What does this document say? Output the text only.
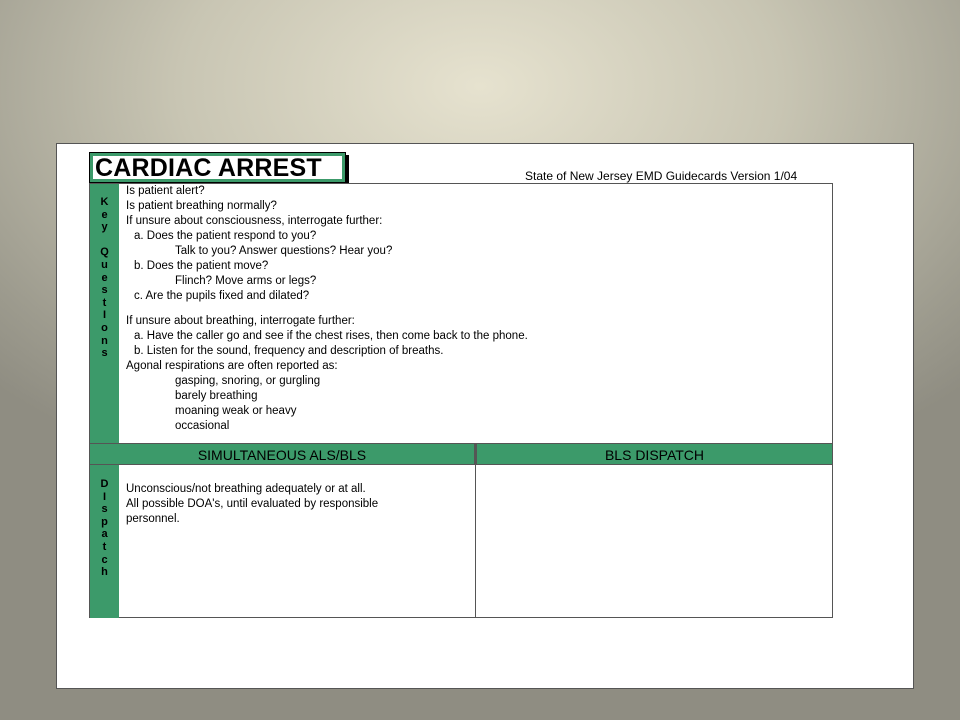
CARDIAC ARREST	State of New Jersey EMD Guidecards Version 1/04
K
e
y

Q
u
e
s
t
I
o
n
s
Is patient alert?
Is patient breathing normally?
If unsure about consciousness, interrogate further:
a. Does the patient respond to you?
Talk to you? Answer questions? Hear you?
b. Does the patient move?
Flinch? Move arms or legs?
c. Are the pupils fixed and dilated?
If unsure about breathing, interrogate further:
a. Have the caller go and see if the chest rises, then come back to the phone.
b. Listen for the sound, frequency and description of breaths.
Agonal respirations are often reported as:
gasping, snoring, or gurgling
barely breathing
moaning weak or heavy
occasional
SIMULTANEOUS ALS/BLS	BLS DISPATCH
D
I
s
p
a
t
c
h
Unconscious/not breathing adequately or at all.
All possible DOA's, until evaluated by responsible
personnel.
